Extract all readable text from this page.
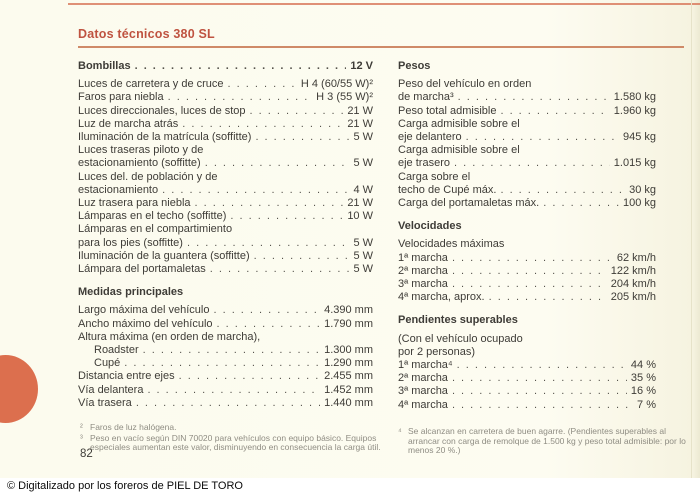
Datos técnicos 380 SL
Bombillas . . .	12 V
Luces de carretera y de cruce . . .	H 4 (60/55 W)²
Faros para niebla . . .	H 3 (55 W)²
Luces direccionales, luces de stop . . .	21 W
Luz de marcha atrás . . .	21 W
Iluminación de la matrícula (soffitte) . . .	5 W
Luces traseras piloto y de
estacionamiento (soffitte) . . .	5 W
Luces del. de población y de
estacionamiento . . .	4 W
Luz trasera para niebla . . .	21 W
Lámparas en el techo (soffitte) . . .	10 W
Lámparas en el compartimiento
para los pies (soffitte) . . .	5 W
Iluminación de la guantera (soffitte) . . .	5 W
Lámpara del portamaletas . . .	5 W
Medidas principales
Largo máxima del vehículo . . .	4.390 mm
Ancho máximo del vehículo . . .	1.790 mm
Altura máxima (en orden de marcha),
Roadster . . .	1.300 mm
Cupé . . .	1.290 mm
Distancia entre ejes . . .	2.455 mm
Vía delantera . . .	1.452 mm
Vía trasera . . .	1.440 mm
Pesos
Peso del vehículo en orden
de marcha³ . . .	1.580 kg
Peso total admisible . . .	1.960 kg
Carga admisible sobre el
eje delantero . . .	945 kg
Carga admisible sobre el
eje trasero . . .	1.015 kg
Carga sobre el
techo de Cupé máx. . . .	30 kg
Carga del portamaletas máx. . . .	100 kg
Velocidades
Velocidades máximas
1ª marcha . . .	62 km/h
2ª marcha . . .	122 km/h
3ª marcha . . .	204 km/h
4ª marcha, aprox. . . .	205 km/h
Pendientes superables
(Con el vehículo ocupado
por 2 personas)
1ª marcha⁴ . . .	44 %
2ª marcha . . .	35 %
3ª marcha . . .	16 %
4ª marcha . . .	7 %
² Faros de luz halógena.
³ Peso en vacío según DIN 70020 para vehículos con equipo básico. Equipos especiales aumentan este valor, disminuyendo en consecuencia la carga útil.
⁴ Se alcanzan en carretera de buen agarre. (Pendientes superables al arrancar con carga de remolque de 1.500 kg y peso total admisible: por lo menos 20 %.)
82
© Digitalizado por los foreros de PIEL DE TORO
